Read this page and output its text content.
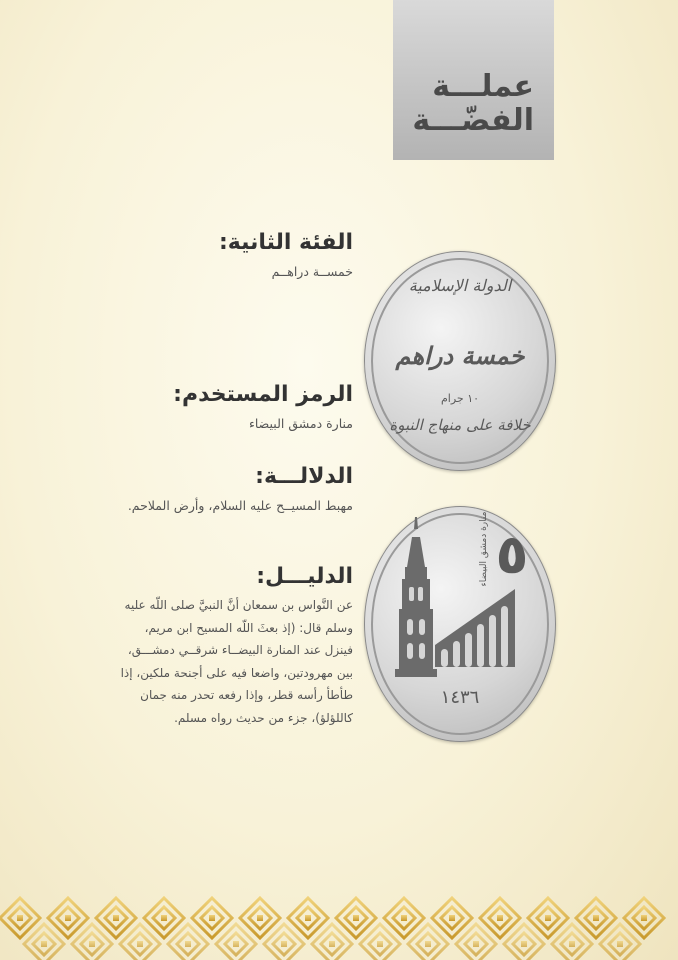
عملـــة
الفضّـــة
الفئة الثانية:
خمســة دراهــم
الرمز المستخدم:
منارة دمشق البيضاء
الدلالـــة:
مهبط المسيــح عليه السلام، وأرض الملاحم.
الدليـــل:
عن النَّواس بن سمعان أنَّ النبيَّ صلى اللّه عليه وسلم قال: (إذ بعثَ اللّه المسيح ابن مريم، فينزل عند المنارة البيضــاء شرقــي دمشـــق، بين مهرودتين، واضعا فيه على أجنحة ملكين، إذا طأطأ رأسه قطر، وإذا رفعه تحدر منه جمان كاللؤلؤ)، جزء من حديث رواه مسلم.
الدولة الإسلامية
خمسة دراهم
١٠ جرام
خلافة على منهاج النبوة
٥
منارة دمشق البيضاء
١٤٣٦
